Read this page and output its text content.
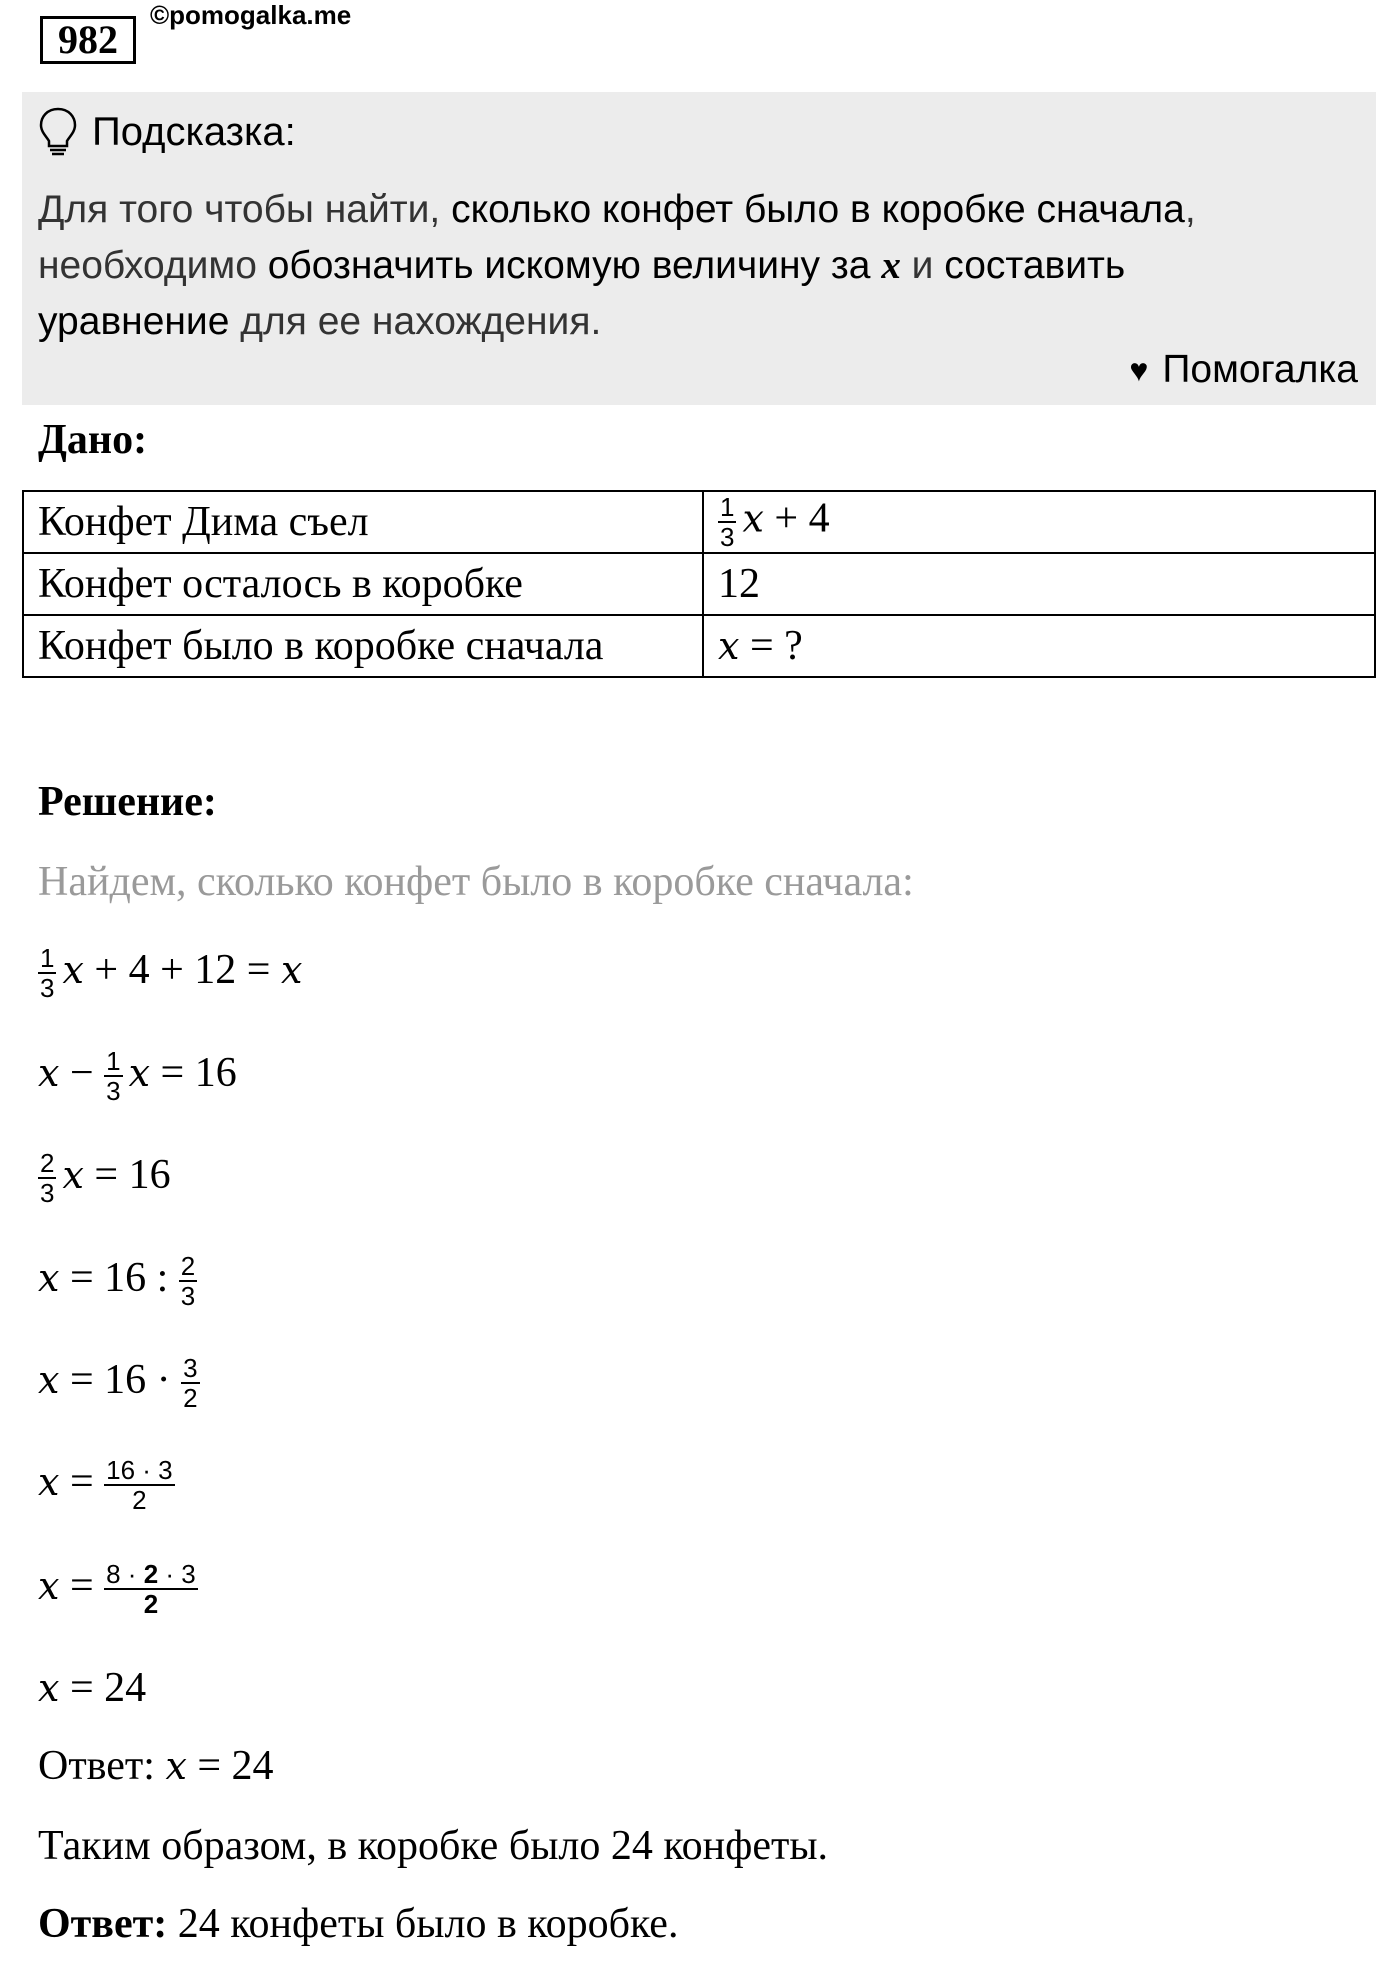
982
©pomogalka.me
Подсказка:
Для того чтобы найти, сколько конфет было в коробке сначала,
необходимо обозначить искомую величину за x и составить
уравнение для ее нахождения.
♥ Помогалка
Дано:
Конфет Дима съел	$\frac{1}{3}$ x + 4
Конфет осталось в коробке	12
Конфет было в коробке сначала	x = ?
Решение:
Найдем, сколько конфет было в коробке сначала:
$\frac{1}{3}$ x + 4 + 12 = x
$x - \frac{1}{3}$ x = 16
$\frac{2}{3}$ x = 16
x = 16 : $\frac{2}{3}$
$x = 16 \cdot \frac{3}{2}$
$x = \frac{16 \cdot 3}{2}$
$x = \frac{8 \cdot 2 \cdot 3}{2}$
x = 24
Ответ: x = 24
Таким образом, в коробке было 24 конфеты.
Ответ: 24 конфеты было в коробке.
